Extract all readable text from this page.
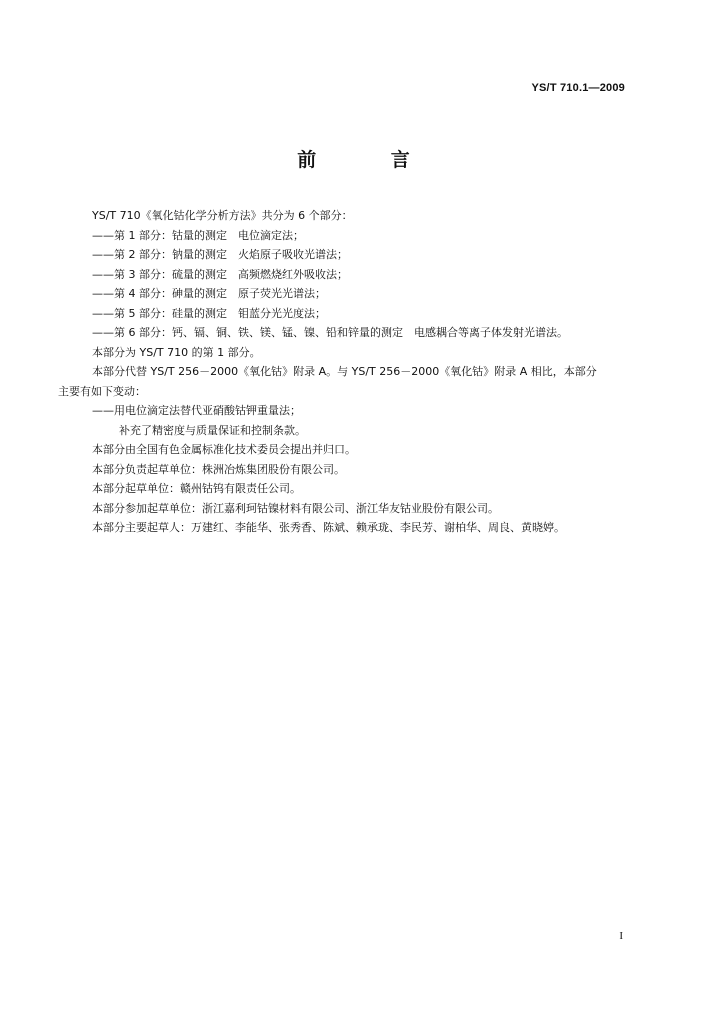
YS/T 710.1—2009
前 言

YS/T 710《氧化钴化学分析方法》共分为 6 个部分：

——第 1 部分：钴量的测定　电位滴定法；

——第 2 部分：钠量的测定　火焰原子吸收光谱法；

——第 3 部分：硫量的测定　高频燃烧红外吸收法；

——第 4 部分：砷量的测定　原子荧光光谱法；

——第 5 部分：硅量的测定　钼蓝分光光度法；

——第 6 部分：钙、镉、铜、铁、镁、锰、镍、铅和锌量的测定　电感耦合等离子体发射光谱法。

本部分为 YS/T 710 的第 1 部分。

本部分代替 YS/T 256－2000《氧化钴》附录 A。与 YS/T 256－2000《氧化钴》附录 A 相比，本部分

主要有如下变动：

——用电位滴定法替代亚硝酸钴钾重量法；

补充了精密度与质量保证和控制条款。

本部分由全国有色金属标准化技术委员会提出并归口。

本部分负责起草单位：株洲冶炼集团股份有限公司。

本部分起草单位：赣州钴钨有限责任公司。

本部分参加起草单位：浙江嘉利珂钴镍材料有限公司、浙江华友钴业股份有限公司。

本部分主要起草人：万建红、李能华、张秀香、陈斌、赖承珑、李民芳、谢柏华、周良、黄晓婷。

I
